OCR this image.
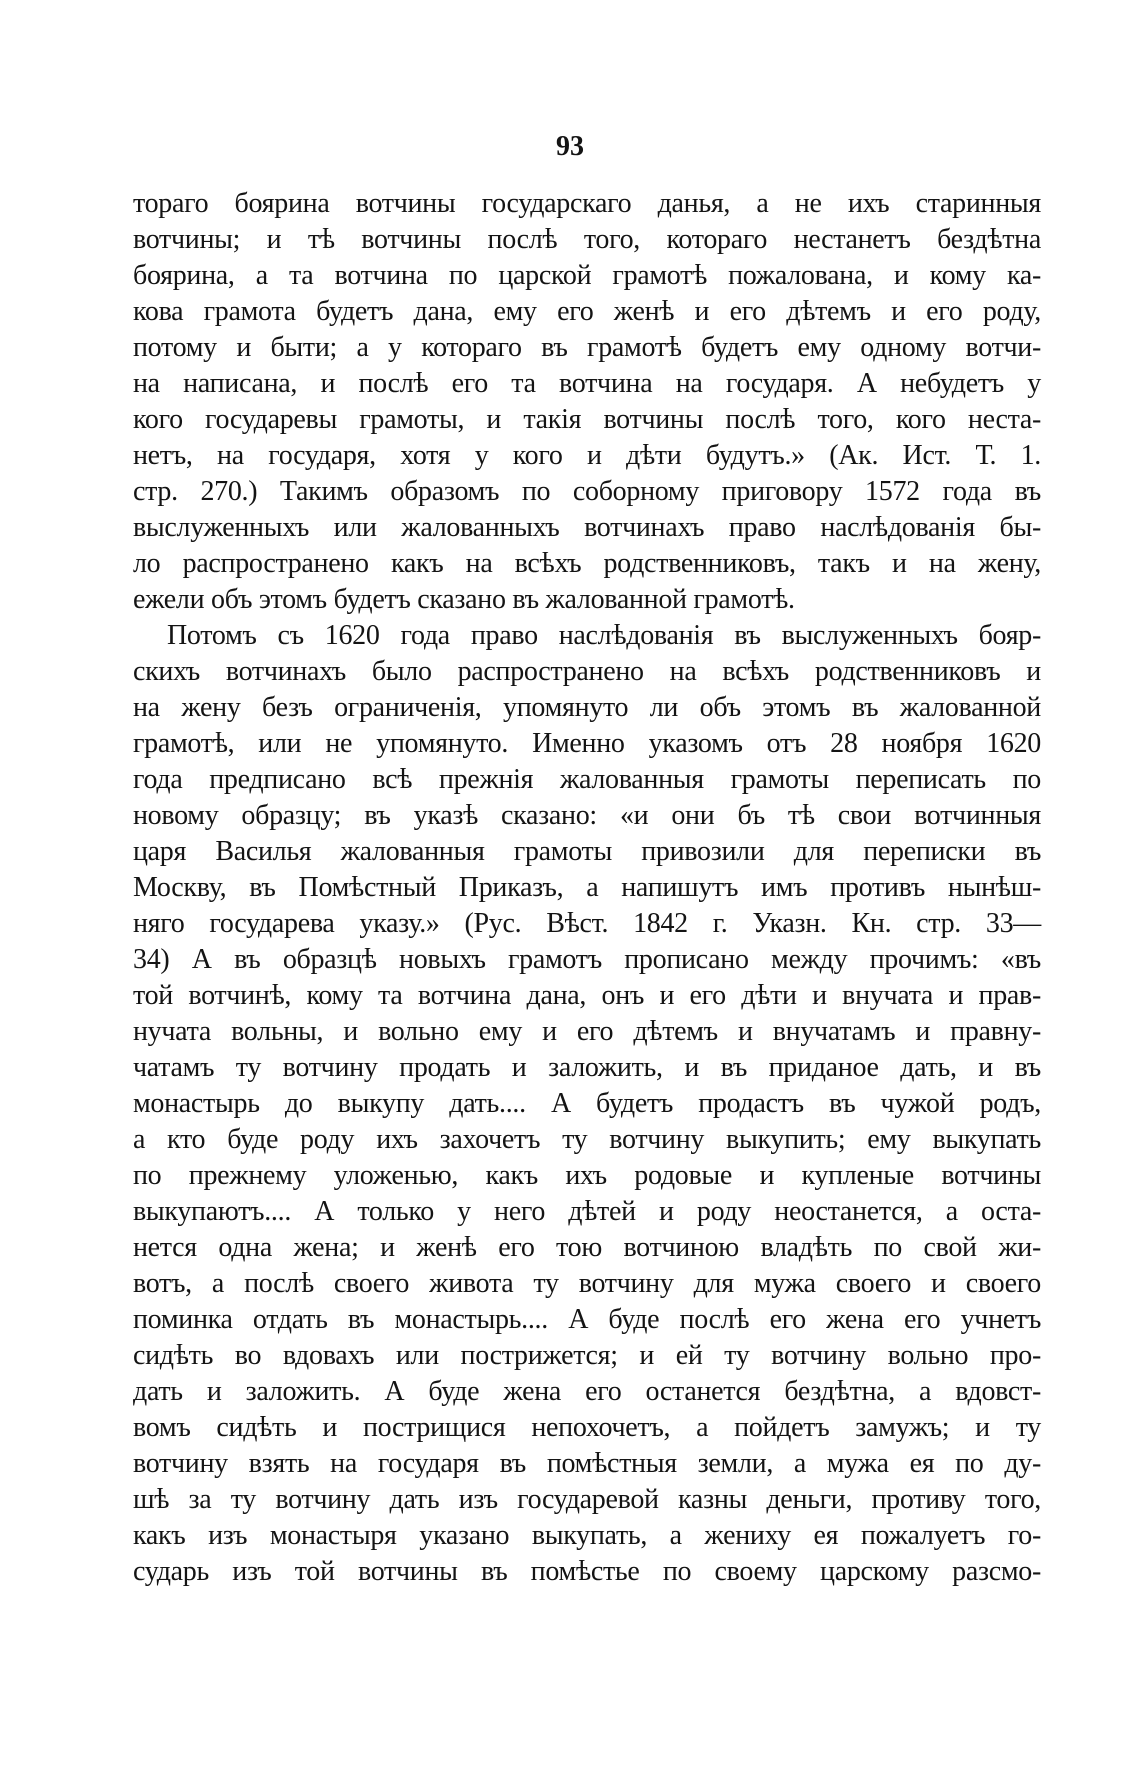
93
тораго боярина вотчины государскаго данья, а не ихъ старинныя
вотчины; и тѣ вотчины послѣ того, котораго нестанетъ бездѣтна
боярина, а та вотчина по царской грамотѣ пожалована, и кому ка-
кова грамота будетъ дана, ему его женѣ и его дѣтемъ и его роду,
потому и быти; а у котораго въ грамотѣ будетъ ему одному вотчи-
на написана, и послѣ его та вотчина на государя. А небудетъ у
кого государевы грамоты, и такія вотчины послѣ того, кого неста-
нетъ, на государя, хотя у кого и дѣти будутъ.» (Ак. Ист. Т. 1.
стр. 270.) Такимъ образомъ по соборному приговору 1572 года въ
выслуженныхъ или жалованныхъ вотчинахъ право наслѣдованія бы-
ло распространено какъ на всѣхъ родственниковъ, такъ и на жену,
ежели объ этомъ будетъ сказано въ жалованной грамотѣ.
Потомъ съ 1620 года право наслѣдованія въ выслуженныхъ бояр-
скихъ вотчинахъ было распространено на всѣхъ родственниковъ и
на жену безъ ограниченія, упомянуто ли объ этомъ въ жалованной
грамотѣ, или не упомянуто. Именно указомъ отъ 28 ноября 1620
года предписано всѣ прежнія жалованныя грамоты переписать по
новому образцу; въ указѣ сказано: «и они бъ тѣ свои вотчинныя
царя Василья жалованныя грамоты привозили для переписки въ
Москву, въ Помѣстный Приказъ, а напишутъ имъ противъ нынѣш-
няго государева указу.» (Рус. Вѣст. 1842 г. Указн. Кн. стр. 33—
34) А въ образцѣ новыхъ грамотъ прописано между прочимъ: «въ
той вотчинѣ, кому та вотчина дана, онъ и его дѣти и внучата и прав-
нучата вольны, и вольно ему и его дѣтемъ и внучатамъ и правну-
чатамъ ту вотчину продать и заложить, и въ приданое дать, и въ
монастырь до выкупу дать.... А будетъ продастъ въ чужой родъ,
а кто буде роду ихъ захочетъ ту вотчину выкупить; ему выкупать
по прежнему уложенью, какъ ихъ родовые и купленые вотчины
выкупаютъ.... А только у него дѣтей и роду неостанется, а оста-
нется одна жена; и женѣ его тою вотчиною владѣть по свой жи-
вотъ, а послѣ своего живота ту вотчину для мужа своего и своего
поминка отдать въ монастырь.... А буде послѣ его жена его учнетъ
сидѣть во вдовахъ или пострижется; и ей ту вотчину вольно про-
дать и заложить. А буде жена его останется бездѣтна, а вдовст-
вомъ сидѣть и пострищися непохочетъ, а пойдетъ замужъ; и ту
вотчину взять на государя въ помѣстныя земли, а мужа ея по ду-
шѣ за ту вотчину дать изъ государевой казны деньги, противу того,
какъ изъ монастыря указано выкупать, а жениху ея пожалуетъ го-
сударь изъ той вотчины въ помѣстье по своему царскому разсмо-
